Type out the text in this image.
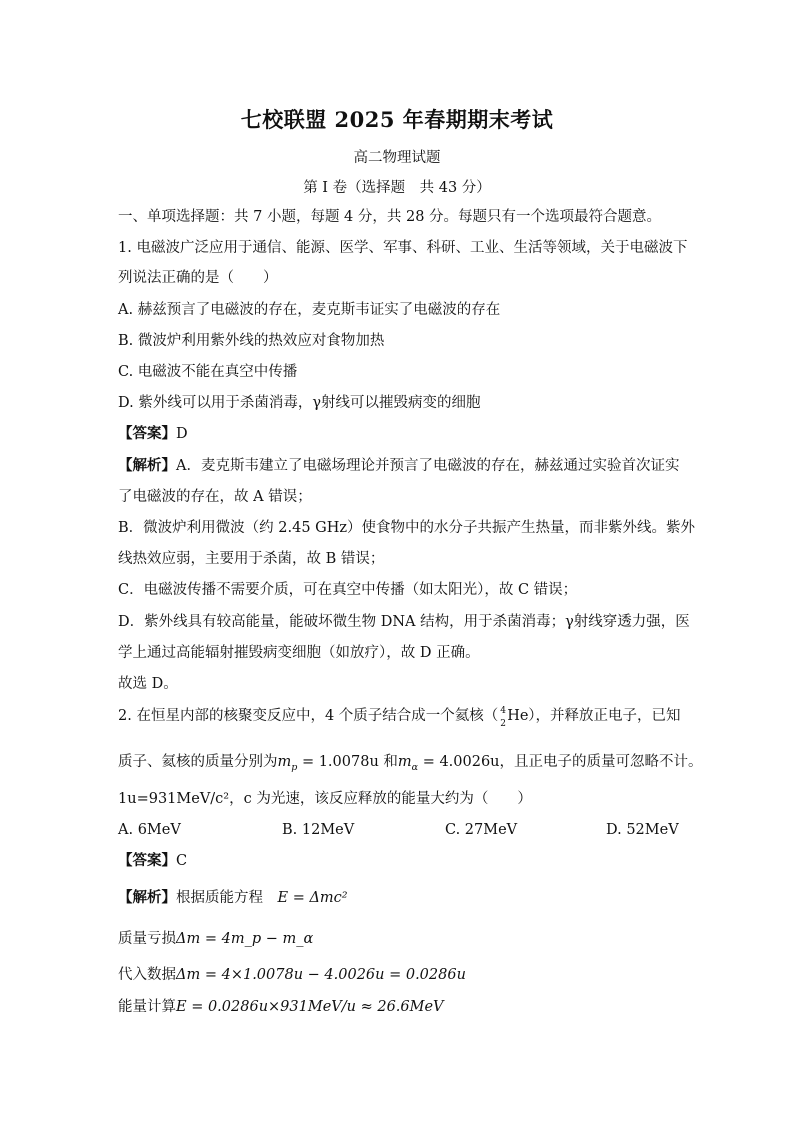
七校联盟 2025 年春期期末考试
高二物理试题
第 I 卷（选择题　共 43 分）
一、单项选择题：共 7 小题，每题 4 分，共 28 分。每题只有一个选项最符合题意。
1. 电磁波广泛应用于通信、能源、医学、军事、科研、工业、生活等领域，关于电磁波下
列说法正确的是（　　）
A. 赫兹预言了电磁波的存在，麦克斯韦证实了电磁波的存在
B. 微波炉利用紫外线的热效应对食物加热
C. 电磁波不能在真空中传播
D. 紫外线可以用于杀菌消毒，γ射线可以摧毁病变的细胞
【答案】D
【解析】A．麦克斯韦建立了电磁场理论并预言了电磁波的存在，赫兹通过实验首次证实
了电磁波的存在，故 A 错误；
B．微波炉利用微波（约 2.45 GHz）使食物中的水分子共振产生热量，而非紫外线。紫外
线热效应弱，主要用于杀菌，故 B 错误；
C．电磁波传播不需要介质，可在真空中传播（如太阳光），故 C 错误；
D．紫外线具有较高能量，能破坏微生物 DNA 结构，用于杀菌消毒；γ射线穿透力强，医
学上通过高能辐射摧毁病变细胞（如放疗），故 D 正确。
故选 D。
2. 在恒星内部的核聚变反应中，4 个质子结合成一个氦核（ 4
2 He ），并释放正电子，已知
质子、氦核的质量分别为$m_p = 1.0078u$ 和$m_\alpha = 4.0026u$，且正电子的质量可忽略不计。
1u=931MeV/c²，c 为光速，该反应释放的能量大约为（　　）
A. 6MeV	B. 12MeV	C. 27MeV	D. 52MeV
【答案】C
【解析】根据质能方程　 E = Δmc²
质量亏损Δm = 4m_p − m_α
代入数据Δm = 4×1.0078u − 4.0026u = 0.0286u
能量计算E = 0.0286u×931MeV/u ≈ 26.6MeV
